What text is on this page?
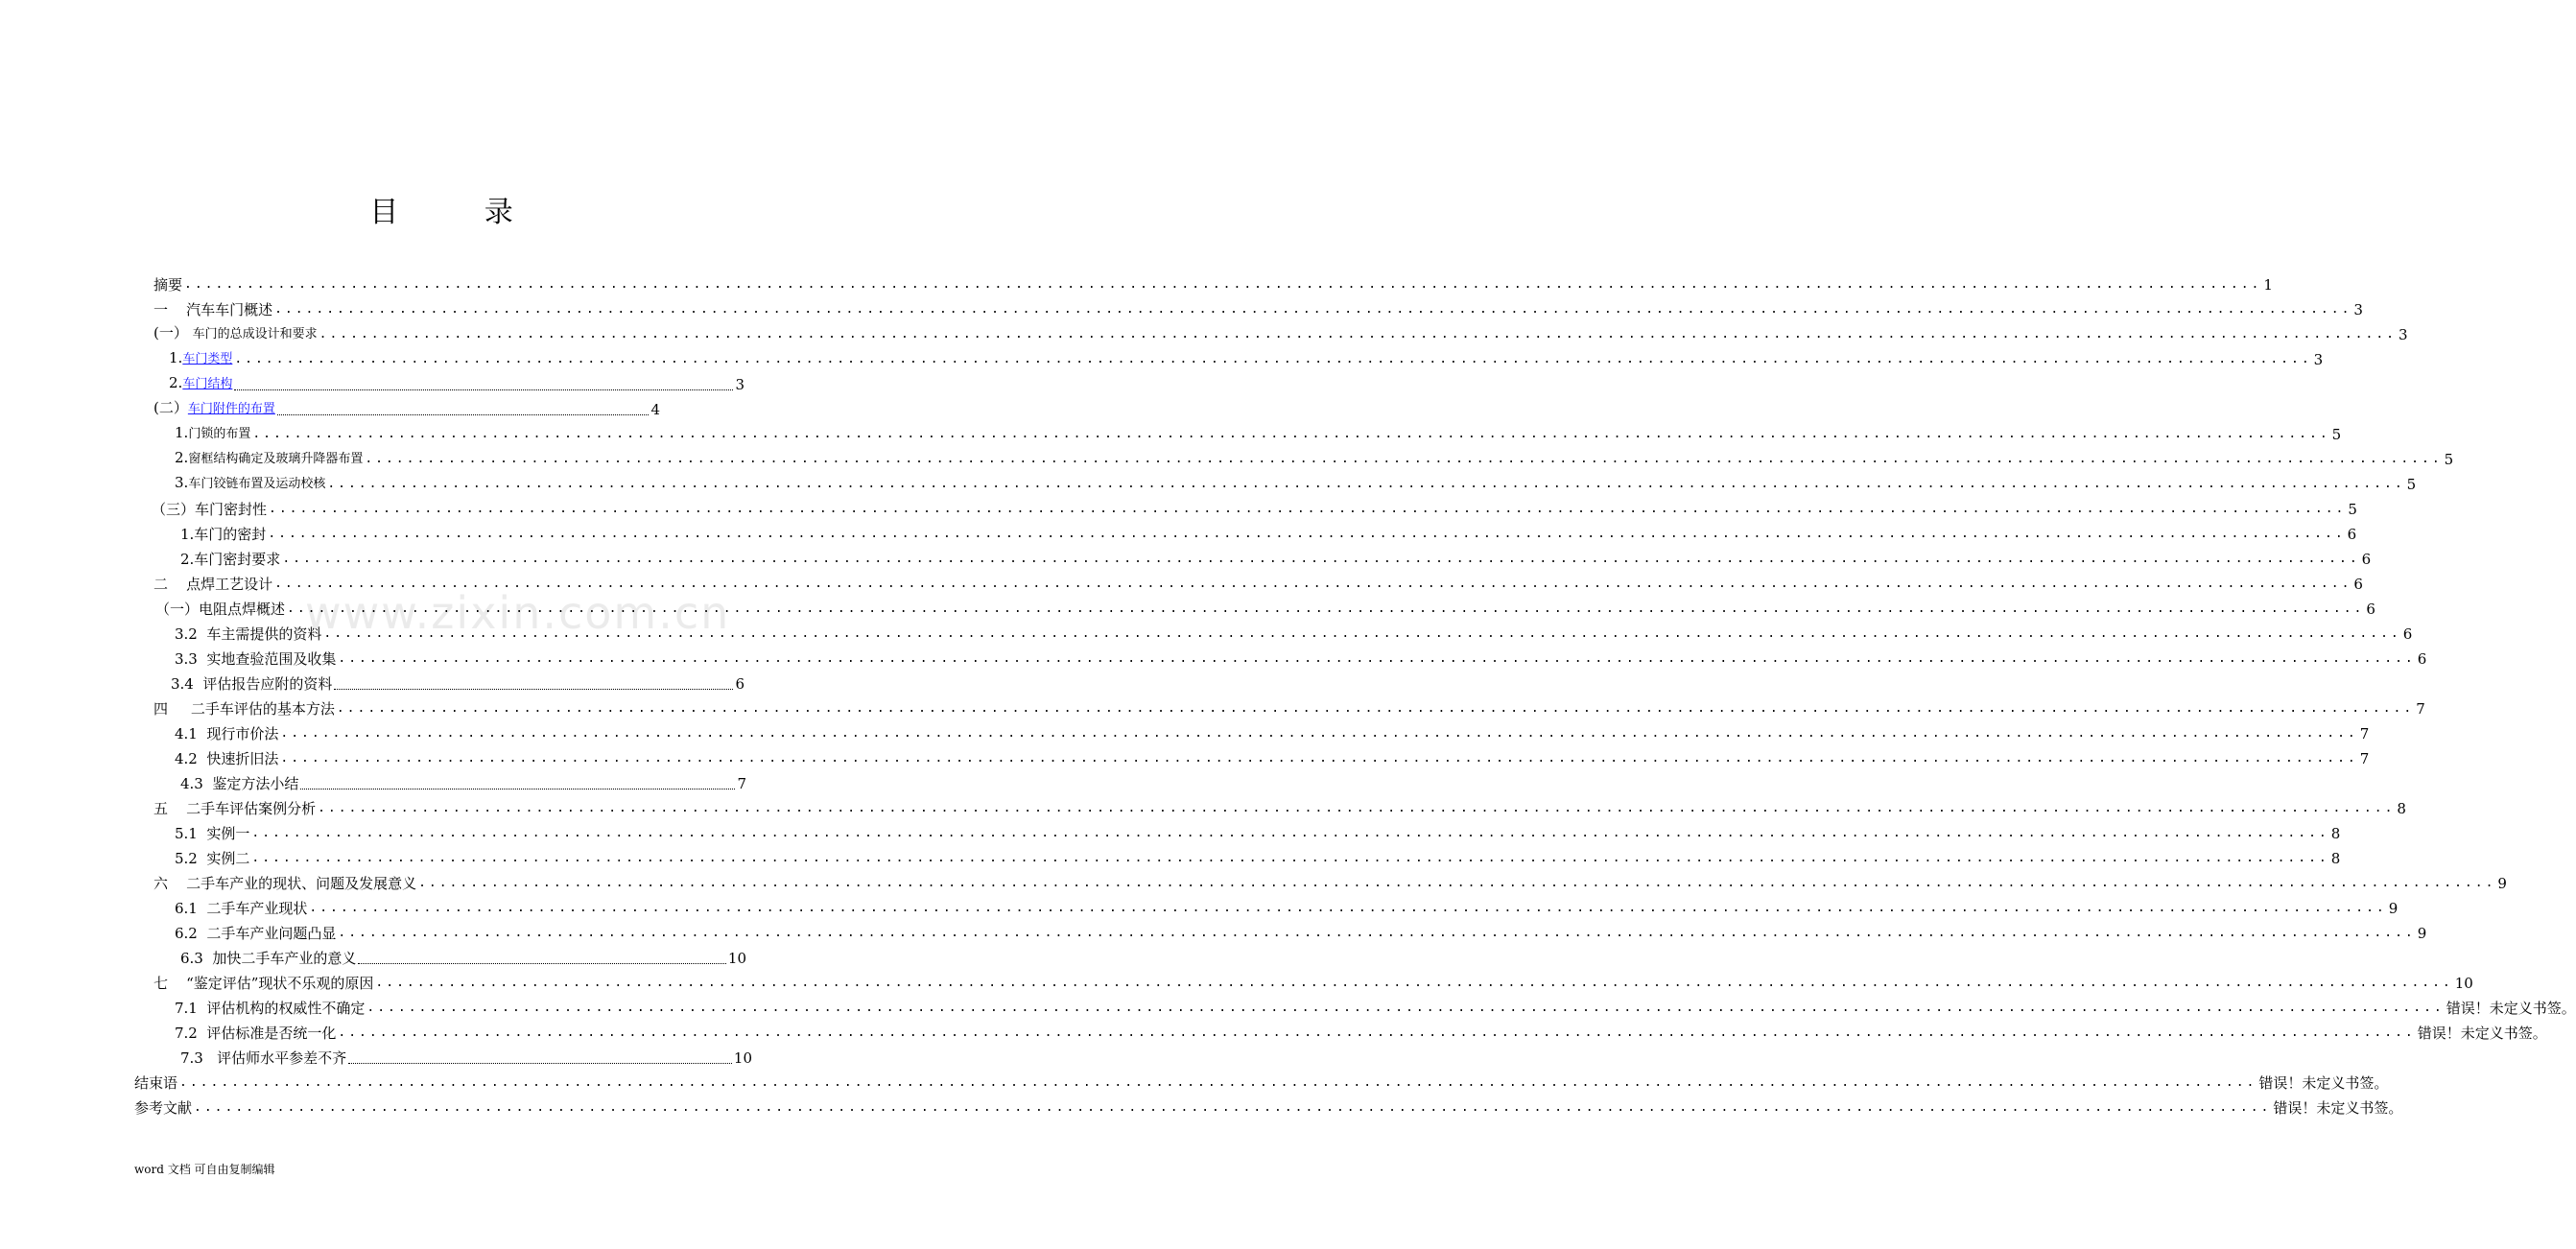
目 录
www.zixin.com.cn
摘要 ........................................................................................................................................................................................................ 1
一    汽车车门概述 ........................................................................................................................................................................................................ 3
(一） 车门的总成设计和要求 ........................................................................................................................................................................................................ 3
1.车门类型 ........................................................................................................................................................................................................ 3
2.车门结构	3
(二）车门附件的布置	4
1.门锁的布置 ........................................................................................................................................................................................................ 5
2.窗框结构确定及玻璃升降器布置 ........................................................................................................................................................................................................ 5
3.车门铰链布置及运动校核 ........................................................................................................................................................................................................ 5
（三）车门密封性 ........................................................................................................................................................................................................ 5
1.车门的密封 ........................................................................................................................................................................................................ 6
2.车门密封要求 ........................................................................................................................................................................................................ 6
二    点焊工艺设计 ........................................................................................................................................................................................................ 6
（一）电阻点焊概述 ........................................................................................................................................................................................................ 6
3.2  车主需提供的资料 ........................................................................................................................................................................................................ 6
3.3  实地查验范围及收集 ........................................................................................................................................................................................................ 6
3.4  评估报告应附的资料	6
四     二手车评估的基本方法 ........................................................................................................................................................................................................ 7
4.1  现行市价法 ........................................................................................................................................................................................................ 7
4.2  快速折旧法 ........................................................................................................................................................................................................ 7
4.3  鉴定方法小结	7
五    二手车评估案例分析 ........................................................................................................................................................................................................ 8
5.1  实例一 ........................................................................................................................................................................................................ 8
5.2  实例二 ........................................................................................................................................................................................................ 8
六    二手车产业的现状、问题及发展意义 ........................................................................................................................................................................................................ 9
6.1  二手车产业现状 ........................................................................................................................................................................................................ 9
6.2  二手车产业问题凸显 ........................................................................................................................................................................................................ 9
6.3  加快二手车产业的意义	10
七    “鉴定评估”现状不乐观的原因 ........................................................................................................................................................................................................ 10
7.1  评估机构的权威性不确定 ........................................................................................................................................................................................................ 错误！未定义书签。
7.2  评估标准是否统一化 ........................................................................................................................................................................................................ 错误！未定义书签。
7.3   评估师水平参差不齐	10
结束语 ........................................................................................................................................................................................................ 错误！未定义书签。
参考文献 ........................................................................................................................................................................................................ 错误！未定义书签。
word 文档 可自由复制编辑
